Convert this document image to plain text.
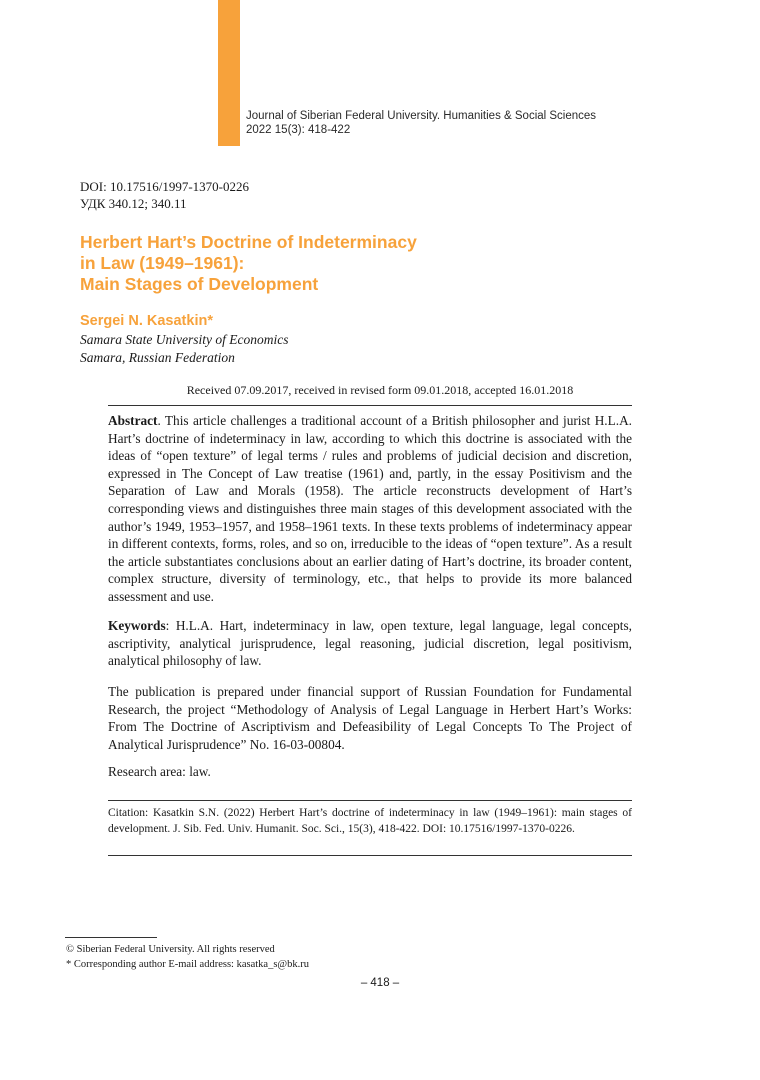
Journal of Siberian Federal University. Humanities & Social Sciences
2022 15(3): 418-422
DOI: 10.17516/1997-1370-0226
УДК 340.12; 340.11
Herbert Hart’s Doctrine of Indeterminacy
in Law (1949–1961):
Main Stages of Development
Sergei N. Kasatkin*
Samara State University of Economics
Samara, Russian Federation
Received 07.09.2017, received in revised form 09.01.2018, accepted 16.01.2018

Abstract. This article challenges a traditional account of a British philosopher and jurist H.L.A. Hart’s doctrine of indeterminacy in law, according to which this doctrine is associated with the ideas of “open texture” of legal terms / rules and problems of judicial decision and discretion, expressed in The Concept of Law treatise (1961) and, partly, in the essay Positivism and the Separation of Law and Morals (1958). The article reconstructs development of Hart’s corresponding views and distinguishes three main stages of this development associated with the author’s 1949, 1953–1957, and 1958–1961 texts. In these texts problems of indeterminacy appear in different contexts, forms, roles, and so on, irreducible to the ideas of “open texture”. As a result the article substantiates conclusions about an earlier dating of Hart’s doctrine, its broader content, complex structure, diversity of terminology, etc., that helps to provide its more balanced assessment and use.

Keywords: H.L.A. Hart, indeterminacy in law, open texture, legal language, legal concepts, ascriptivity, analytical jurisprudence, legal reasoning, judicial discretion, legal positivism, analytical philosophy of law.

The publication is prepared under financial support of Russian Foundation for Fundamental Research, the project “Methodology of Analysis of Legal Language in Herbert Hart’s Works: From The Doctrine of Ascriptivism and Defeasibility of Legal Concepts To The Project of Analytical Jurisprudence” No. 16-03-00804.

Research area: law.

Citation: Kasatkin S.N. (2022) Herbert Hart’s doctrine of indeterminacy in law (1949–1961): main stages of development. J. Sib. Fed. Univ. Humanit. Soc. Sci., 15(3), 418-422. DOI: 10.17516/1997-1370-0226.
© Siberian Federal University. All rights reserved
* Corresponding author E-mail address: kasatka_s@bk.ru
– 418 –
